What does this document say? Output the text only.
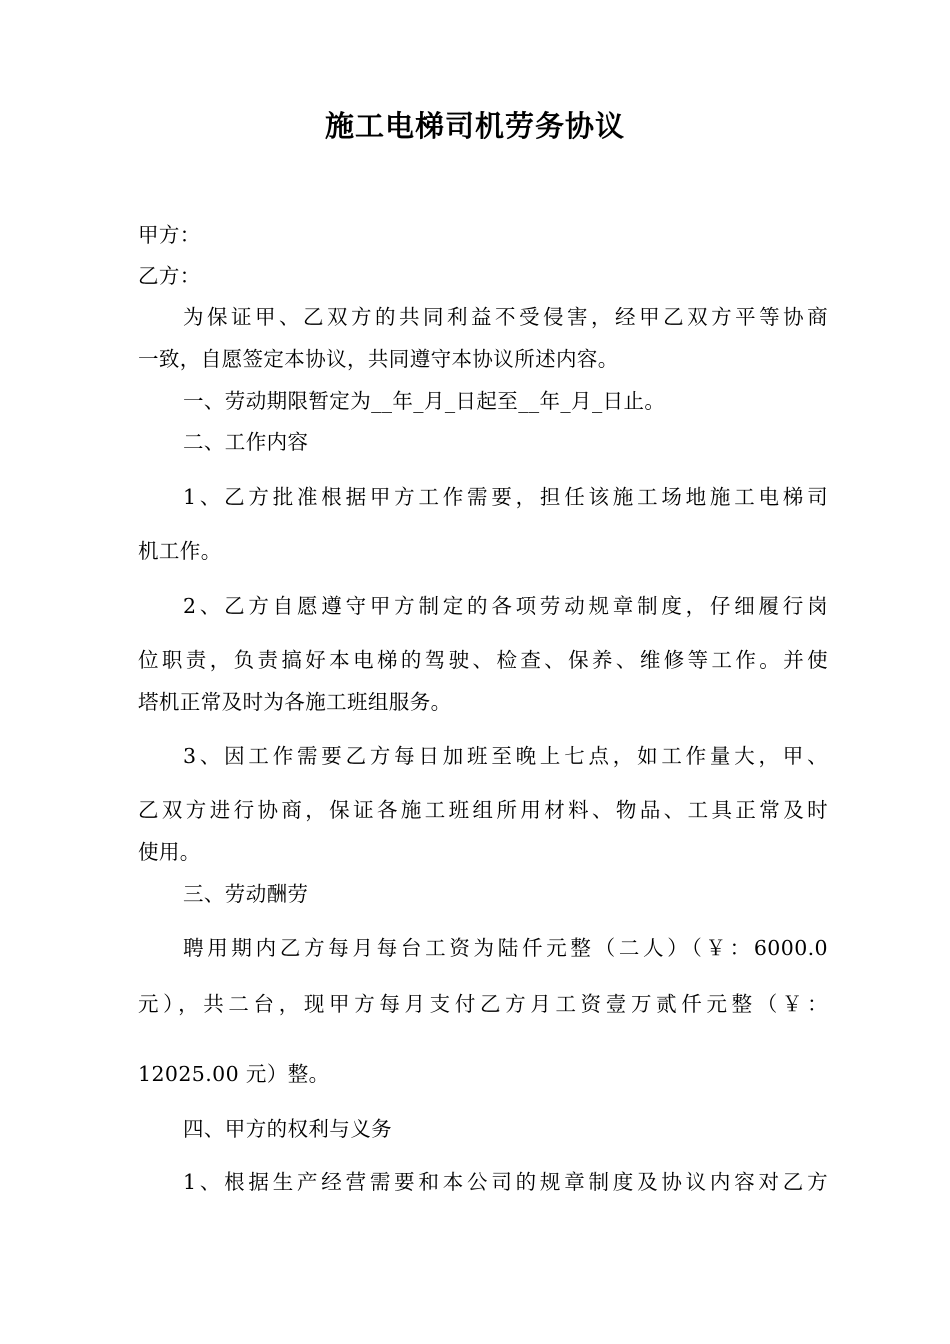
施工电梯司机劳务协议

甲方：

乙方：

为保证甲、乙双方的共同利益不受侵害，经甲乙双方平等协商

一致，自愿签定本协议，共同遵守本协议所述内容。

一、劳动期限暂定为__年_月_日起至__年_月_日止。

二、工作内容

1、乙方批准根据甲方工作需要，担任该施工场地施工电梯司

机工作。

2、乙方自愿遵守甲方制定的各项劳动规章制度，仔细履行岗

位职责，负责搞好本电梯的驾驶、检查、保养、维修等工作。并使

塔机正常及时为各施工班组服务。

3、因工作需要乙方每日加班至晚上七点，如工作量大，甲、

乙双方进行协商，保证各施工班组所用材料、物品、工具正常及时

使用。

三、劳动酬劳

聘用期内乙方每月每台工资为陆仟元整（二人）（￥：6000.0

元），共二台，现甲方每月支付乙方月工资壹万贰仟元整（￥：

12025.00 元）整。

四、甲方的权利与义务

1、根据生产经营需要和本公司的规章制度及协议内容对乙方
